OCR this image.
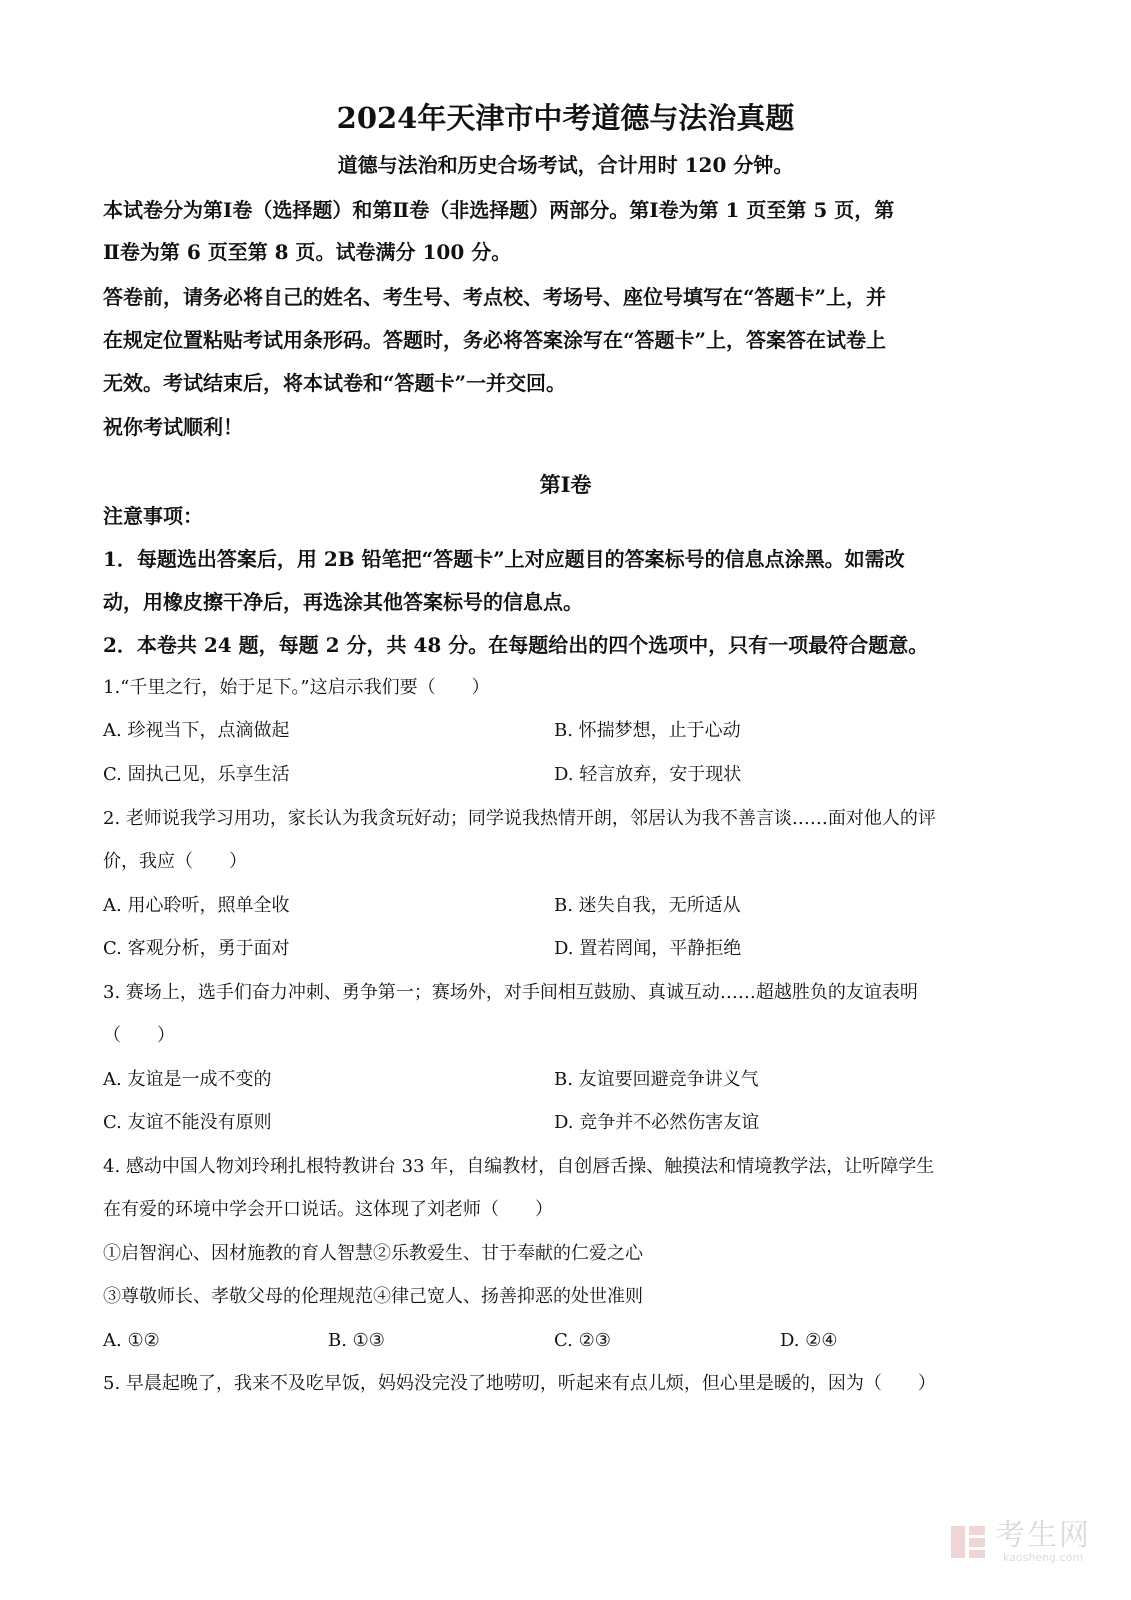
2024年天津市中考道德与法治真题
道德与法治和历史合场考试，合计用时 120 分钟。
本试卷分为第Ⅰ卷（选择题）和第Ⅱ卷（非选择题）两部分。第Ⅰ卷为第 1 页至第 5 页，第
Ⅱ卷为第 6 页至第 8 页。试卷满分 100 分。
答卷前，请务必将自己的姓名、考生号、考点校、考场号、座位号填写在“答题卡”上，并
在规定位置粘贴考试用条形码。答题时，务必将答案涂写在“答题卡”上，答案答在试卷上
无效。考试结束后，将本试卷和“答题卡”一并交回。
祝你考试顺利！
第Ⅰ卷
注意事项：
1．每题选出答案后，用 2B 铅笔把“答题卡”上对应题目的答案标号的信息点涂黑。如需改
动，用橡皮擦干净后，再选涂其他答案标号的信息点。
2．本卷共 24 题，每题 2 分，共 48 分。在每题给出的四个选项中，只有一项最符合题意。
1.“千里之行，始于足下。”这启示我们要（　　）
A. 珍视当下，点滴做起	B. 怀揣梦想，止于心动
C. 固执己见，乐享生活	D. 轻言放弃，安于现状
2. 老师说我学习用功，家长认为我贪玩好动；同学说我热情开朗，邻居认为我不善言谈……面对他人的评
价，我应（　　）
A. 用心聆听，照单全收	B. 迷失自我，无所适从
C. 客观分析，勇于面对	D. 置若罔闻，平静拒绝
3. 赛场上，选手们奋力冲刺、勇争第一；赛场外，对手间相互鼓励、真诚互动……超越胜负的友谊表明
（　　）
A. 友谊是一成不变的	B. 友谊要回避竞争讲义气
C. 友谊不能没有原则	D. 竞争并不必然伤害友谊
4. 感动中国人物刘玲琍扎根特教讲台 33 年，自编教材，自创唇舌操、触摸法和情境教学法，让听障学生
在有爱的环境中学会开口说话。这体现了刘老师（　　）
①启智润心、因材施教的育人智慧②乐教爱生、甘于奉献的仁爱之心
③尊敬师长、孝敬父母的伦理规范④律己宽人、扬善抑恶的处世准则
A. ①②	B. ①③	C. ②③	D. ②④
5. 早晨起晚了，我来不及吃早饭，妈妈没完没了地唠叨，听起来有点儿烦，但心里是暖的，因为（　　）
考生网
kaosheng.com
